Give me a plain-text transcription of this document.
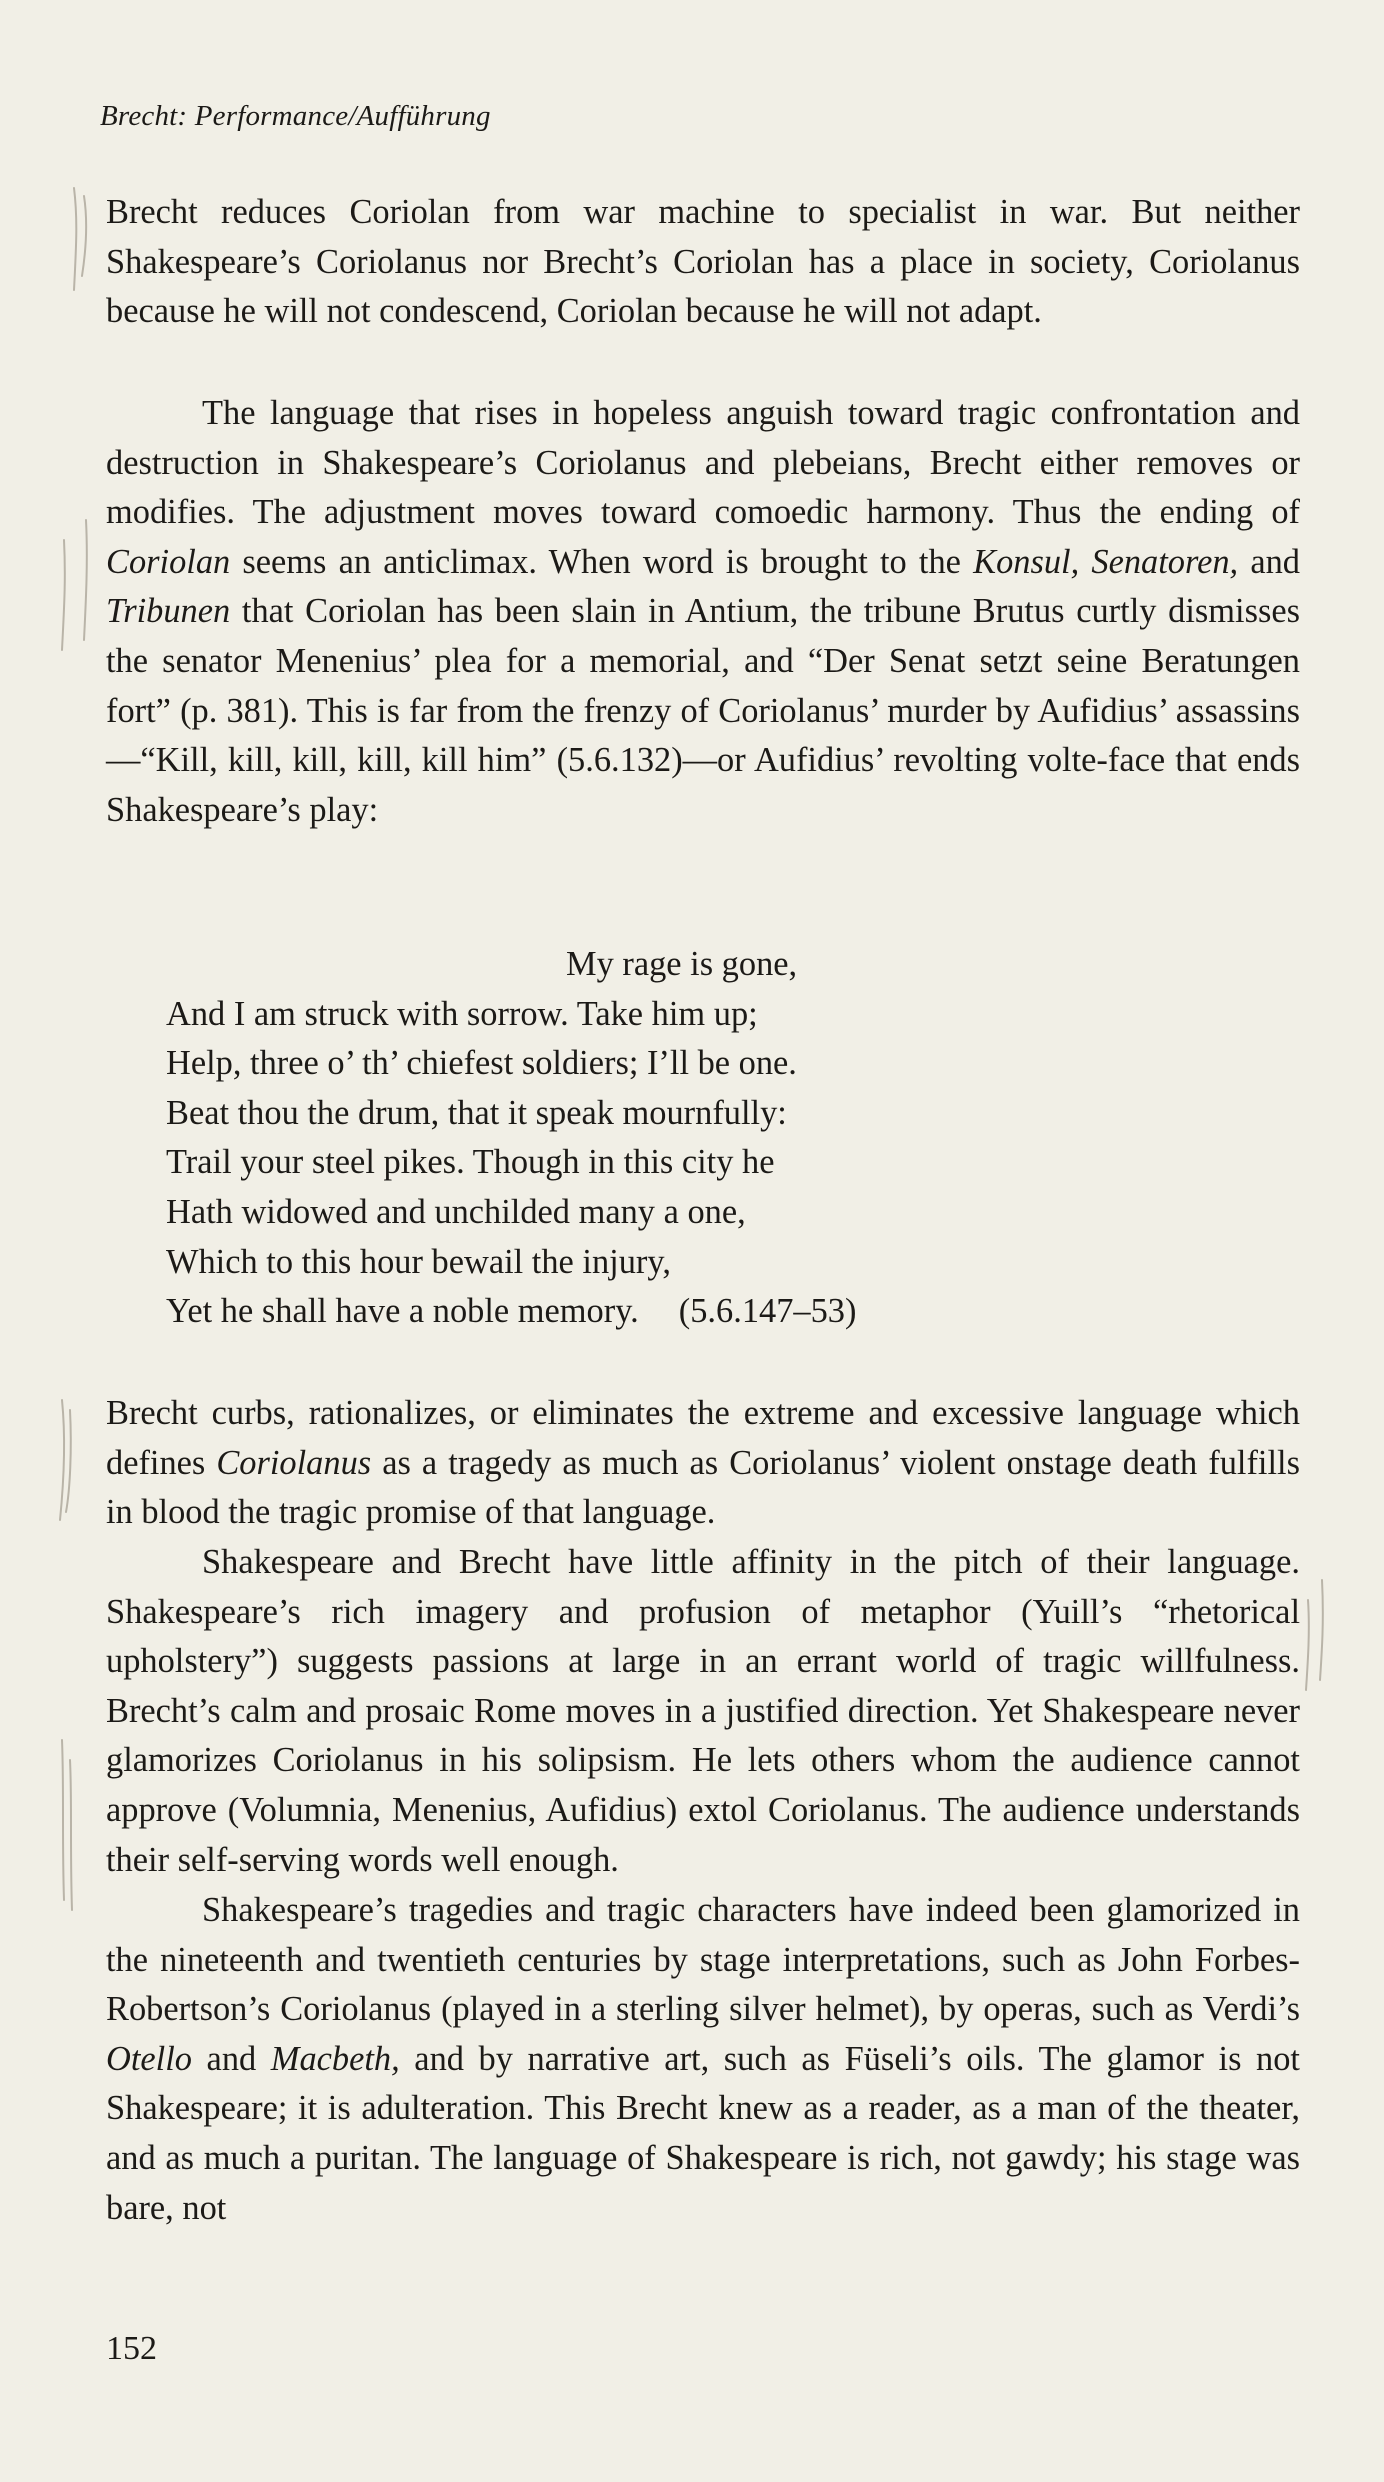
Brecht: Performance/Aufführung

Brecht reduces Coriolan from war machine to specialist in war. But neither Shakespeare’s Coriolanus nor Brecht’s Coriolan has a place in society, Coriolanus because he will not condescend, Coriolan because he will not adapt.

The language that rises in hopeless anguish toward tragic confrontation and destruction in Shakespeare’s Coriolanus and plebeians, Brecht either removes or modifies. The adjustment moves toward comoedic harmony. Thus the ending of Coriolan seems an anticlimax. When word is brought to the Konsul, Senatoren, and Tribunen that Coriolan has been slain in Antium, the tribune Brutus curtly dismisses the senator Menenius’ plea for a memorial, and “Der Senat setzt seine Beratungen fort” (p. 381). This is far from the frenzy of Coriolanus’ murder by Aufidius’ assassins—“Kill, kill, kill, kill, kill him” (5.6.132)—or Aufidius’ revolting volte-face that ends Shakespeare’s play:

My rage is gone,
And I am struck with sorrow. Take him up;
Help, three o’ th’ chiefest soldiers; I’ll be one.
Beat thou the drum, that it speak mournfully:
Trail your steel pikes. Though in this city he
Hath widowed and unchilded many a one,
Which to this hour bewail the injury,
Yet he shall have a noble memory. (5.6.147–53)

Brecht curbs, rationalizes, or eliminates the extreme and excessive language which defines Coriolanus as a tragedy as much as Coriolanus’ violent onstage death fulfills in blood the tragic promise of that language.

Shakespeare and Brecht have little affinity in the pitch of their language. Shakespeare’s rich imagery and profusion of metaphor (Yuill’s “rhetorical upholstery”) suggests passions at large in an errant world of tragic willfulness. Brecht’s calm and prosaic Rome moves in a justified direction. Yet Shakespeare never glamorizes Coriolanus in his solipsism. He lets others whom the audience cannot approve (Volumnia, Menenius, Aufidius) extol Coriolanus. The audience understands their self-serving words well enough.

Shakespeare’s tragedies and tragic characters have indeed been glamorized in the nineteenth and twentieth centuries by stage interpretations, such as John Forbes-Robertson’s Coriolanus (played in a sterling silver helmet), by operas, such as Verdi’s Otello and Macbeth, and by narrative art, such as Füseli’s oils. The glamor is not Shakespeare; it is adulteration. This Brecht knew as a reader, as a man of the theater, and as much a puritan. The language of Shakespeare is rich, not gawdy; his stage was bare, not

152
